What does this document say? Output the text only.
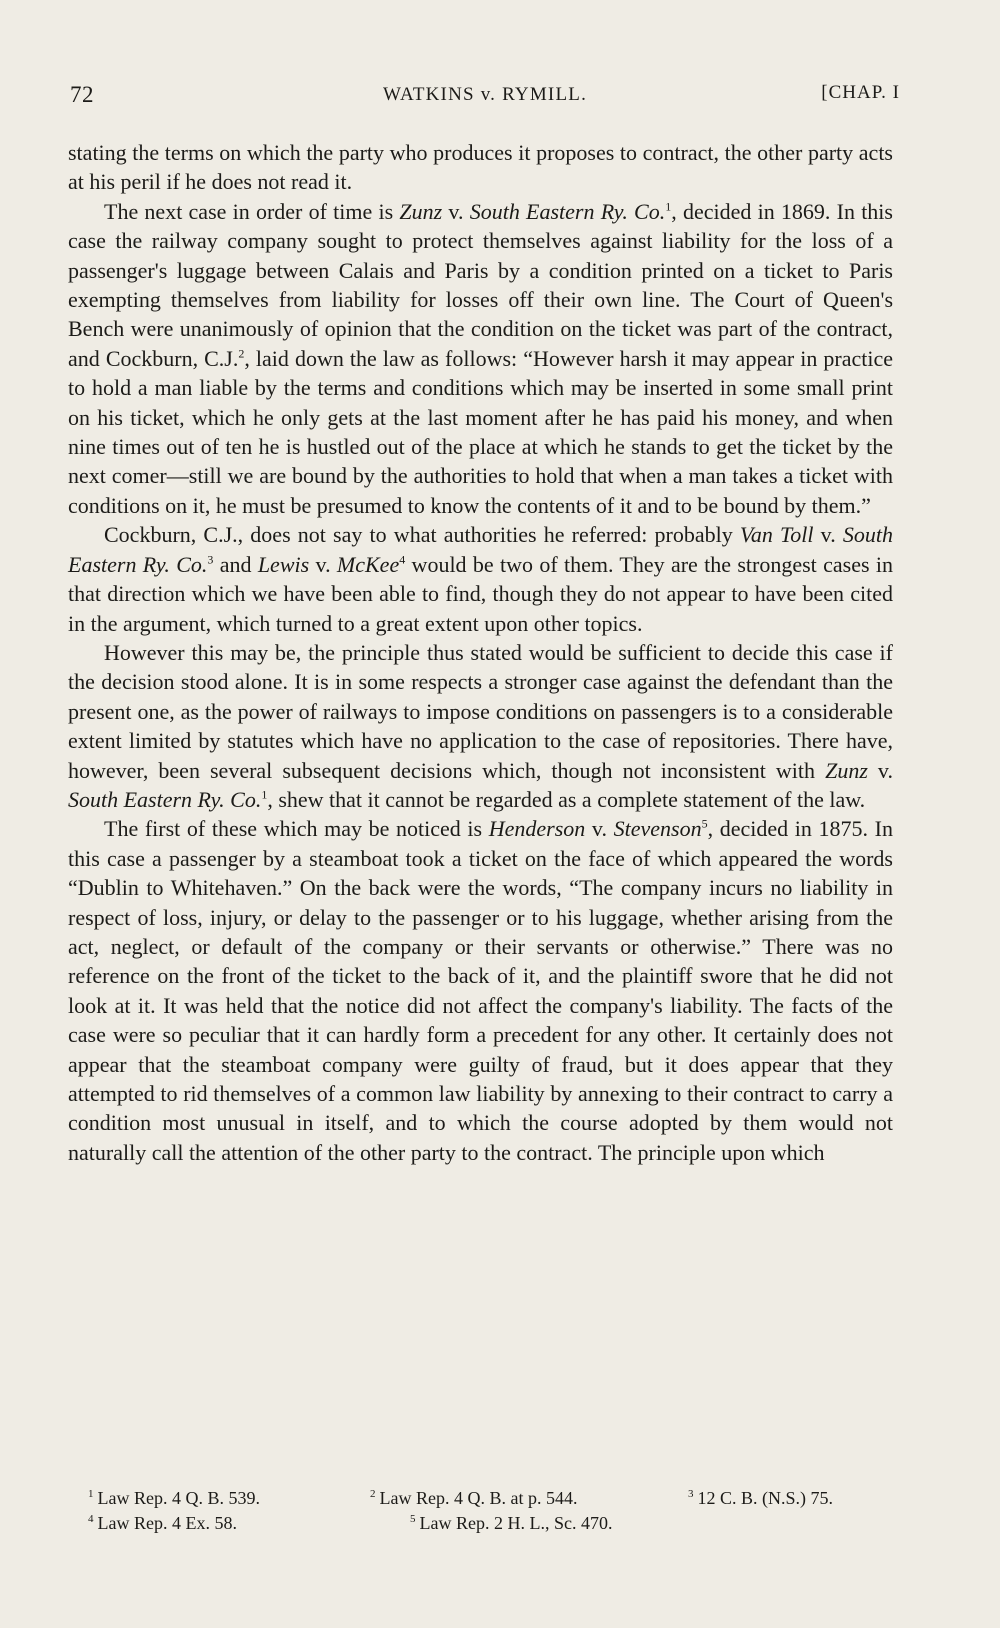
72	WATKINS v. RYMILL.	[CHAP. I

stating the terms on which the party who produces it proposes to contract, the other party acts at his peril if he does not read it.

The next case in order of time is Zunz v. South Eastern Ry. Co.$^1$, decided in 1869. In this case the railway company sought to protect themselves against liability for the loss of a passenger's luggage between Calais and Paris by a condition printed on a ticket to Paris exempting themselves from liability for losses off their own line. The Court of Queen's Bench were unanimously of opinion that the condition on the ticket was part of the contract, and Cockburn, C.J.$^2$, laid down the law as follows: “However harsh it may appear in practice to hold a man liable by the terms and conditions which may be inserted in some small print on his ticket, which he only gets at the last moment after he has paid his money, and when nine times out of ten he is hustled out of the place at which he stands to get the ticket by the next comer—still we are bound by the authorities to hold that when a man takes a ticket with conditions on it, he must be presumed to know the contents of it and to be bound by them.”

Cockburn, C.J., does not say to what authorities he referred: probably Van Toll v. South Eastern Ry. Co.$^3$ and Lewis v. McKee$^4$ would be two of them. They are the strongest cases in that direction which we have been able to find, though they do not appear to have been cited in the argument, which turned to a great extent upon other topics.

However this may be, the principle thus stated would be sufficient to decide this case if the decision stood alone. It is in some respects a stronger case against the defendant than the present one, as the power of railways to impose conditions on passengers is to a considerable extent limited by statutes which have no application to the case of repositories. There have, however, been several subsequent decisions which, though not inconsistent with Zunz v. South Eastern Ry. Co.$^1$, shew that it cannot be regarded as a complete statement of the law.

The first of these which may be noticed is Henderson v. Stevenson$^5$, decided in 1875. In this case a passenger by a steamboat took a ticket on the face of which appeared the words “Dublin to Whitehaven.” On the back were the words, “The company incurs no liability in respect of loss, injury, or delay to the passenger or to his luggage, whether arising from the act, neglect, or default of the company or their servants or otherwise.” There was no reference on the front of the ticket to the back of it, and the plaintiff swore that he did not look at it. It was held that the notice did not affect the company's liability. The facts of the case were so peculiar that it can hardly form a precedent for any other. It certainly does not appear that the steamboat company were guilty of fraud, but it does appear that they attempted to rid themselves of a common law liability by annexing to their contract to carry a condition most unusual in itself, and to which the course adopted by them would not naturally call the attention of the other party to the contract. The principle upon which

$^1$ Law Rep. 4 Q. B. 539.	$^2$ Law Rep. 4 Q. B. at p. 544.	$^3$ 12 C. B. (N.S.) 75.
$^4$ Law Rep. 4 Ex. 58.	$^5$ Law Rep. 2 H. L., Sc. 470.
